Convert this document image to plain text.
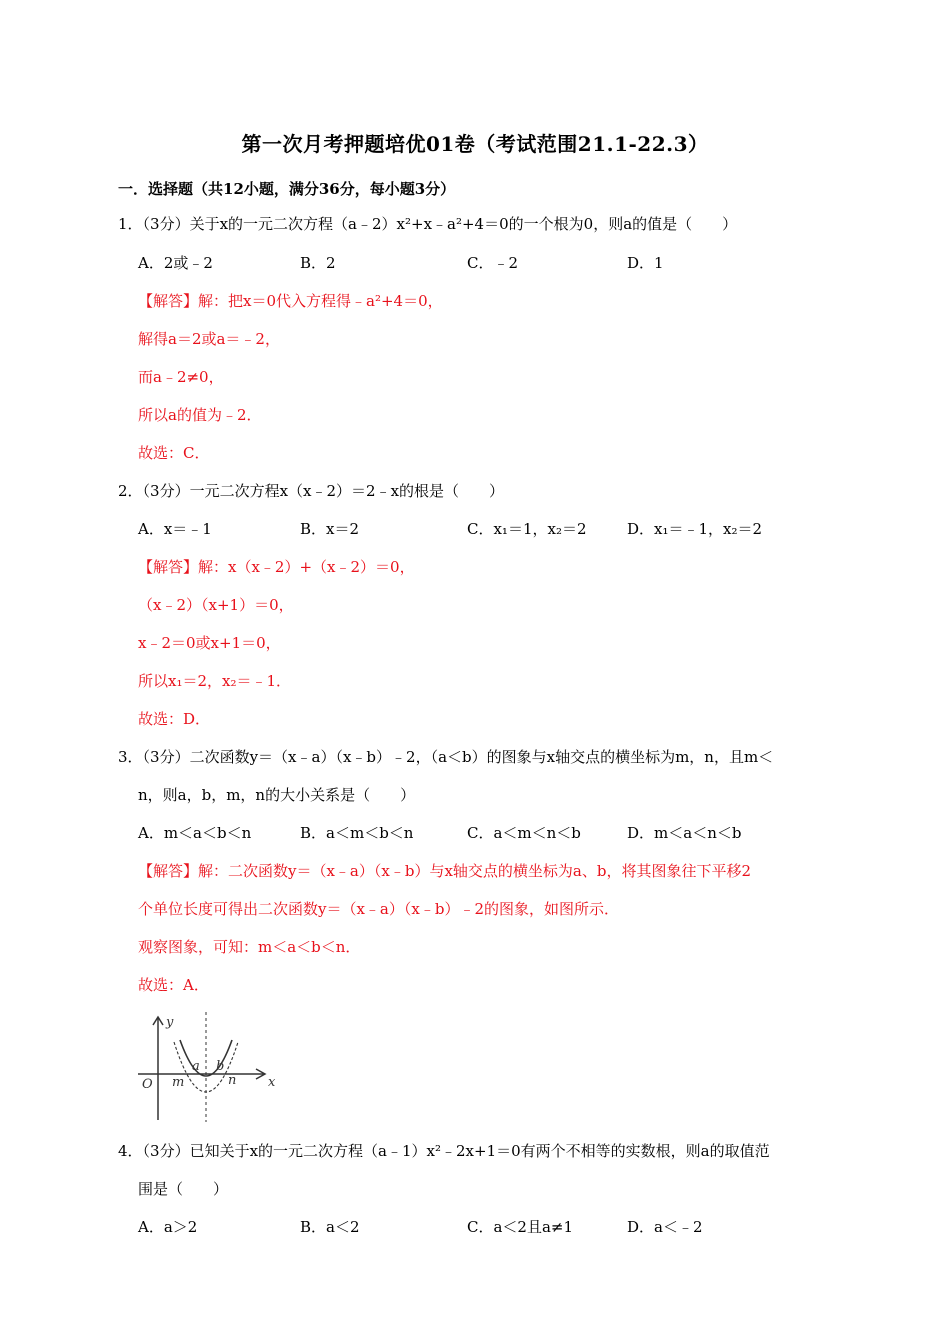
第一次月考押题培优01卷（考试范围21.1-22.3）
一．选择题（共12小题，满分36分，每小题3分）
1．（3分）关于x的一元二次方程（a﹣2）x²+x﹣a²+4＝0的一个根为0，则a的值是（　　）
A．2或﹣2	B．2	C．﹣2	D．1
【解答】解：把x＝0代入方程得﹣a²+4＝0，
解得a＝2或a＝﹣2，
而a﹣2≠0，
所以a的值为﹣2．
故选：C．
2．（3分）一元二次方程x（x﹣2）＝2﹣x的根是（　　）
A．x＝﹣1	B．x＝2	C．x₁＝1，x₂＝2	D．x₁＝﹣1，x₂＝2
【解答】解：x（x﹣2）+（x﹣2）＝0，
（x﹣2）（x+1）＝0，
x﹣2＝0或x+1＝0，
所以x₁＝2，x₂＝﹣1．
故选：D．
3．（3分）二次函数y＝（x﹣a）（x﹣b）﹣2，（a＜b）的图象与x轴交点的横坐标为m，n，且m＜
n，则a，b，m，n的大小关系是（　　）
A．m＜a＜b＜n	B．a＜m＜b＜n	C．a＜m＜n＜b	D．m＜a＜n＜b
【解答】解：二次函数y＝（x﹣a）（x﹣b）与x轴交点的横坐标为a、b，将其图象往下平移2
个单位长度可得出二次函数y＝（x﹣a）（x﹣b）﹣2的图象，如图所示．
观察图象，可知：m＜a＜b＜n．
故选：A．
y
x
O
a b
m	n
4．（3分）已知关于x的一元二次方程（a﹣1）x²﹣2x+1＝0有两个不相等的实数根，则a的取值范
围是（　　）
A．a＞2	B．a＜2	C．a＜2且a≠1	D．a＜﹣2
